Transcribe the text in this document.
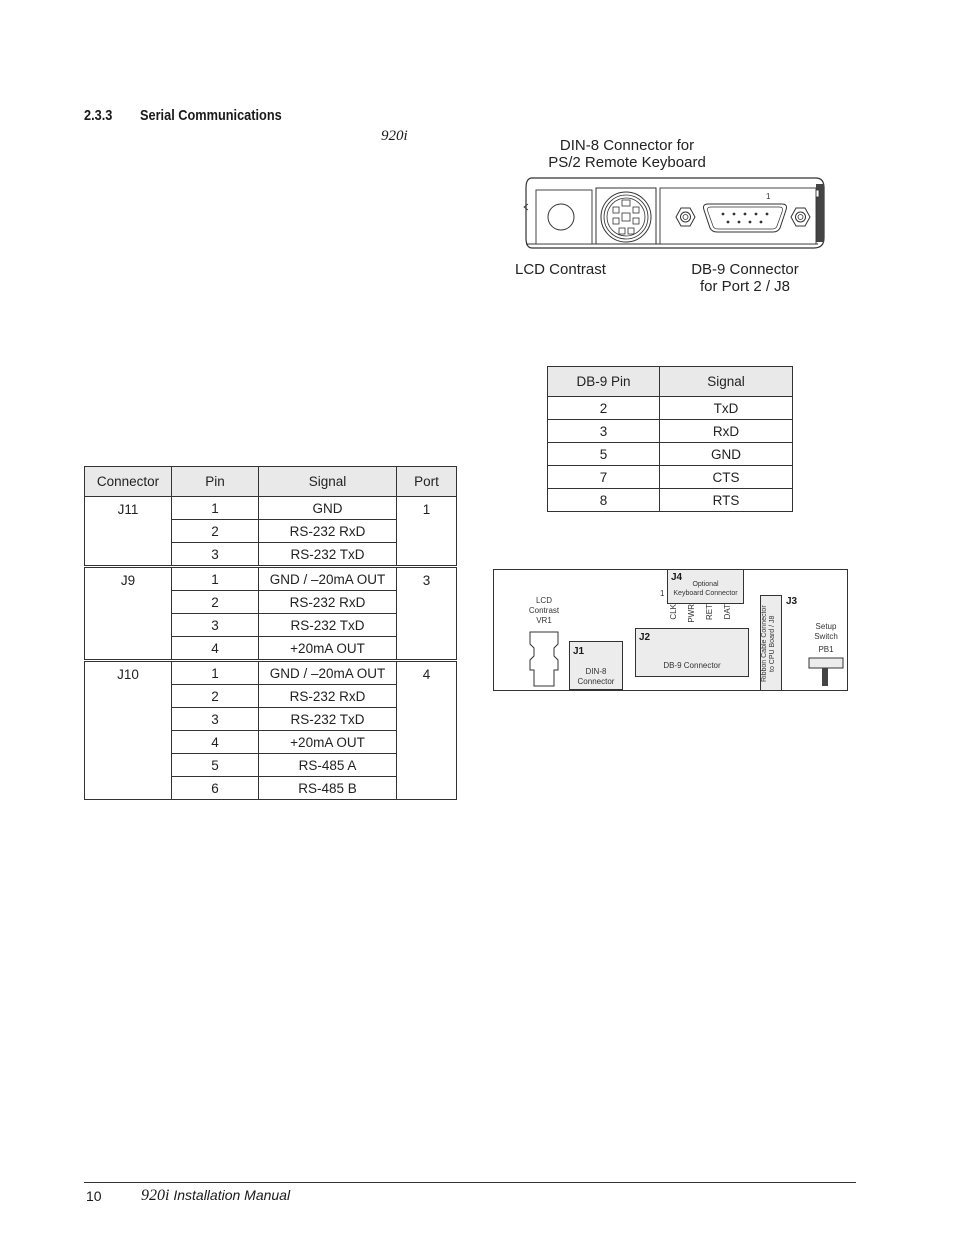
2.3.3 Serial Communications
920i
DIN-8 Connector for
PS/2 Remote Keyboard
1
LCD Contrast	DB-9 Connector
for Port 2 / J8
DB-9 Pin	Signal
2	TxD
3	RxD
5	GND
7	CTS
8	RTS
Connector	Pin	Signal	Port
J11	1	GND	1
	2	RS-232 RxD	
	3	RS-232 TxD	
J9	1	GND / –20mA OUT	3
	2	RS-232 RxD	
	3	RS-232 TxD	
	4	+20mA OUT	
J10	1	GND / –20mA OUT	4
	2	RS-232 RxD	
	3	RS-232 TxD	
	4	+20mA OUT	
	5	RS-485 A	
	6	RS-485 B	
LCD
Contrast
VR1
J1
DIN-8
Connector
J4
Optional
Keyboard Connector
1
CLK PWR RET DAT
J2
DB-9 Connector	Ribbon Cable Connector
to CPU Board / J8
J3
Setup
Switch
PB1
10 920i Installation Manual
